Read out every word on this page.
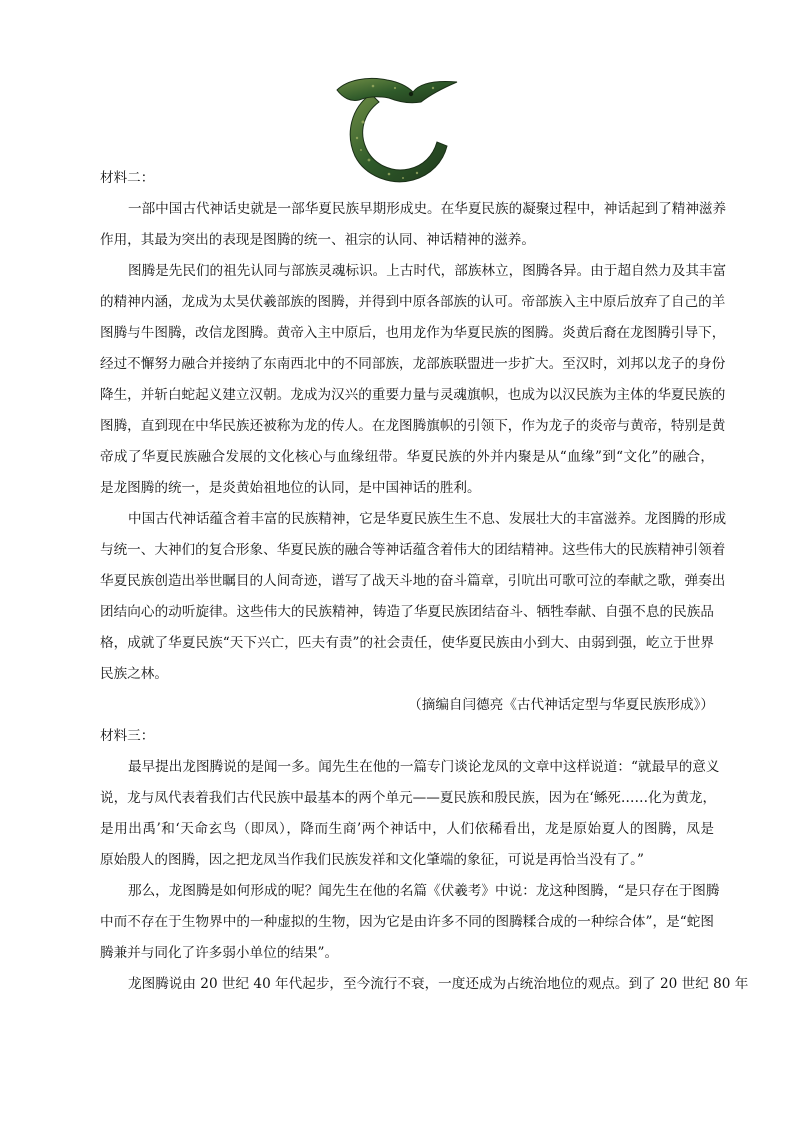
材料二：
一部中国古代神话史就是一部华夏民族早期形成史。在华夏民族的凝聚过程中，神话起到了精神滋养
作用，其最为突出的表现是图腾的统一、祖宗的认同、神话精神的滋养。
图腾是先民们的祖先认同与部族灵魂标识。上古时代，部族林立，图腾各异。由于超自然力及其丰富
的精神内涵，龙成为太昊伏羲部族的图腾，并得到中原各部族的认可。帝部族入主中原后放弃了自己的羊
图腾与牛图腾，改信龙图腾。黄帝入主中原后，也用龙作为华夏民族的图腾。炎黄后裔在龙图腾引导下，
经过不懈努力融合并接纳了东南西北中的不同部族，龙部族联盟进一步扩大。至汉时，刘邦以龙子的身份
降生，并斩白蛇起义建立汉朝。龙成为汉兴的重要力量与灵魂旗帜，也成为以汉民族为主体的华夏民族的
图腾，直到现在中华民族还被称为龙的传人。在龙图腾旗帜的引领下，作为龙子的炎帝与黄帝，特别是黄
帝成了华夏民族融合发展的文化核心与血缘纽带。华夏民族的外并内聚是从“血缘”到“文化”的融合，
是龙图腾的统一，是炎黄始祖地位的认同，是中国神话的胜利。
中国古代神话蕴含着丰富的民族精神，它是华夏民族生生不息、发展壮大的丰富滋养。龙图腾的形成
与统一、大神们的复合形象、华夏民族的融合等神话蕴含着伟大的团结精神。这些伟大的民族精神引领着
华夏民族创造出举世瞩目的人间奇迹，谱写了战天斗地的奋斗篇章，引吭出可歌可泣的奉献之歌，弹奏出
团结向心的动听旋律。这些伟大的民族精神，铸造了华夏民族团结奋斗、牺牲奉献、自强不息的民族品
格，成就了华夏民族“天下兴亡，匹夫有责”的社会责任，使华夏民族由小到大、由弱到强，屹立于世界
民族之林。
（摘编自闫德亮《古代神话定型与华夏民族形成》）
材料三：
最早提出龙图腾说的是闻一多。闻先生在他的一篇专门谈论龙凤的文章中这样说道：“就最早的意义
说，龙与凤代表着我们古代民族中最基本的两个单元——夏民族和殷民族，因为在‘鲧死……化为黄龙，
是用出禹’和‘天命玄鸟（即凤），降而生商’两个神话中，人们依稀看出，龙是原始夏人的图腾，凤是
原始殷人的图腾，因之把龙凤当作我们民族发祥和文化肇端的象征，可说是再恰当没有了。”
那么，龙图腾是如何形成的呢？闻先生在他的名篇《伏羲考》中说：龙这种图腾，“是只存在于图腾
中而不存在于生物界中的一种虚拟的生物，因为它是由许多不同的图腾糅合成的一种综合体”，是“蛇图
腾兼并与同化了许多弱小单位的结果”。
龙图腾说由 20 世纪 40 年代起步，至今流行不衰，一度还成为占统治地位的观点。到了 20 世纪 80 年
